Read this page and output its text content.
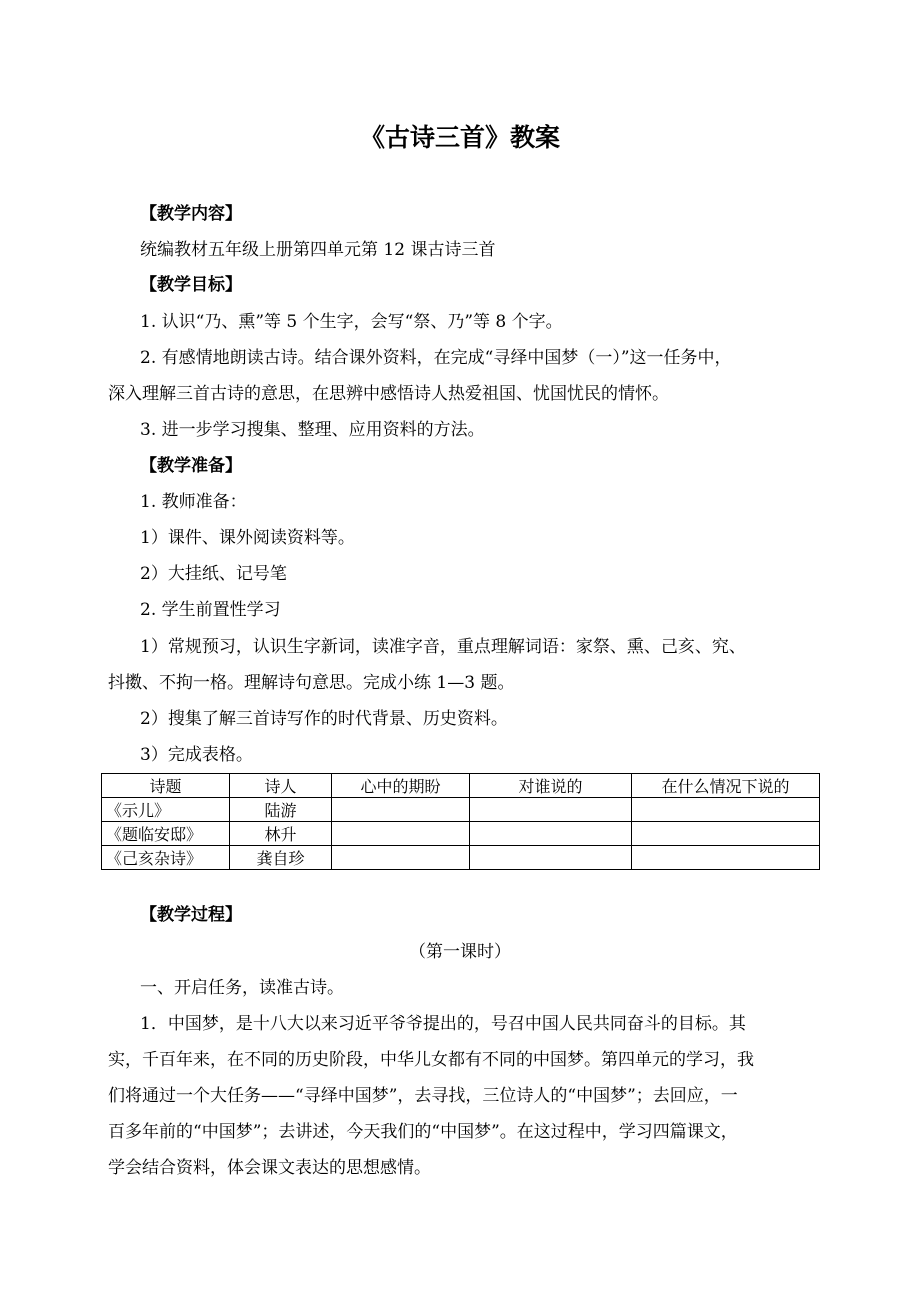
《古诗三首》教案
【教学内容】
统编教材五年级上册第四单元第 12 课古诗三首
【教学目标】
1. 认识“乃、熏”等 5 个生字，会写“祭、乃”等 8 个字。
2. 有感情地朗读古诗。结合课外资料，在完成“寻绎中国梦（一）”这一任务中，
深入理解三首古诗的意思，在思辨中感悟诗人热爱祖国、忧国忧民的情怀。
3. 进一步学习搜集、整理、应用资料的方法。
【教学准备】
1. 教师准备：
1）课件、课外阅读资料等。
2）大挂纸、记号笔
2. 学生前置性学习
1）常规预习，认识生字新词，读准字音，重点理解词语：家祭、熏、己亥、究、
抖擞、不拘一格。理解诗句意思。完成小练 1—3 题。
2）搜集了解三首诗写作的时代背景、历史资料。
3）完成表格。
诗题	诗人	心中的期盼	对谁说的	在什么情况下说的
《示儿》	陆游			
《题临安邸》	林升			
《己亥杂诗》	龚自珍			
【教学过程】
（第一课时）
一、开启任务，读准古诗。
1．中国梦，是十八大以来习近平爷爷提出的，号召中国人民共同奋斗的目标。其
实，千百年来，在不同的历史阶段，中华儿女都有不同的中国梦。第四单元的学习，我
们将通过一个大任务——“寻绎中国梦”，去寻找，三位诗人的“中国梦”；去回应，一
百多年前的“中国梦”；去讲述，今天我们的“中国梦”。在这过程中，学习四篇课文，
学会结合资料，体会课文表达的思想感情。
